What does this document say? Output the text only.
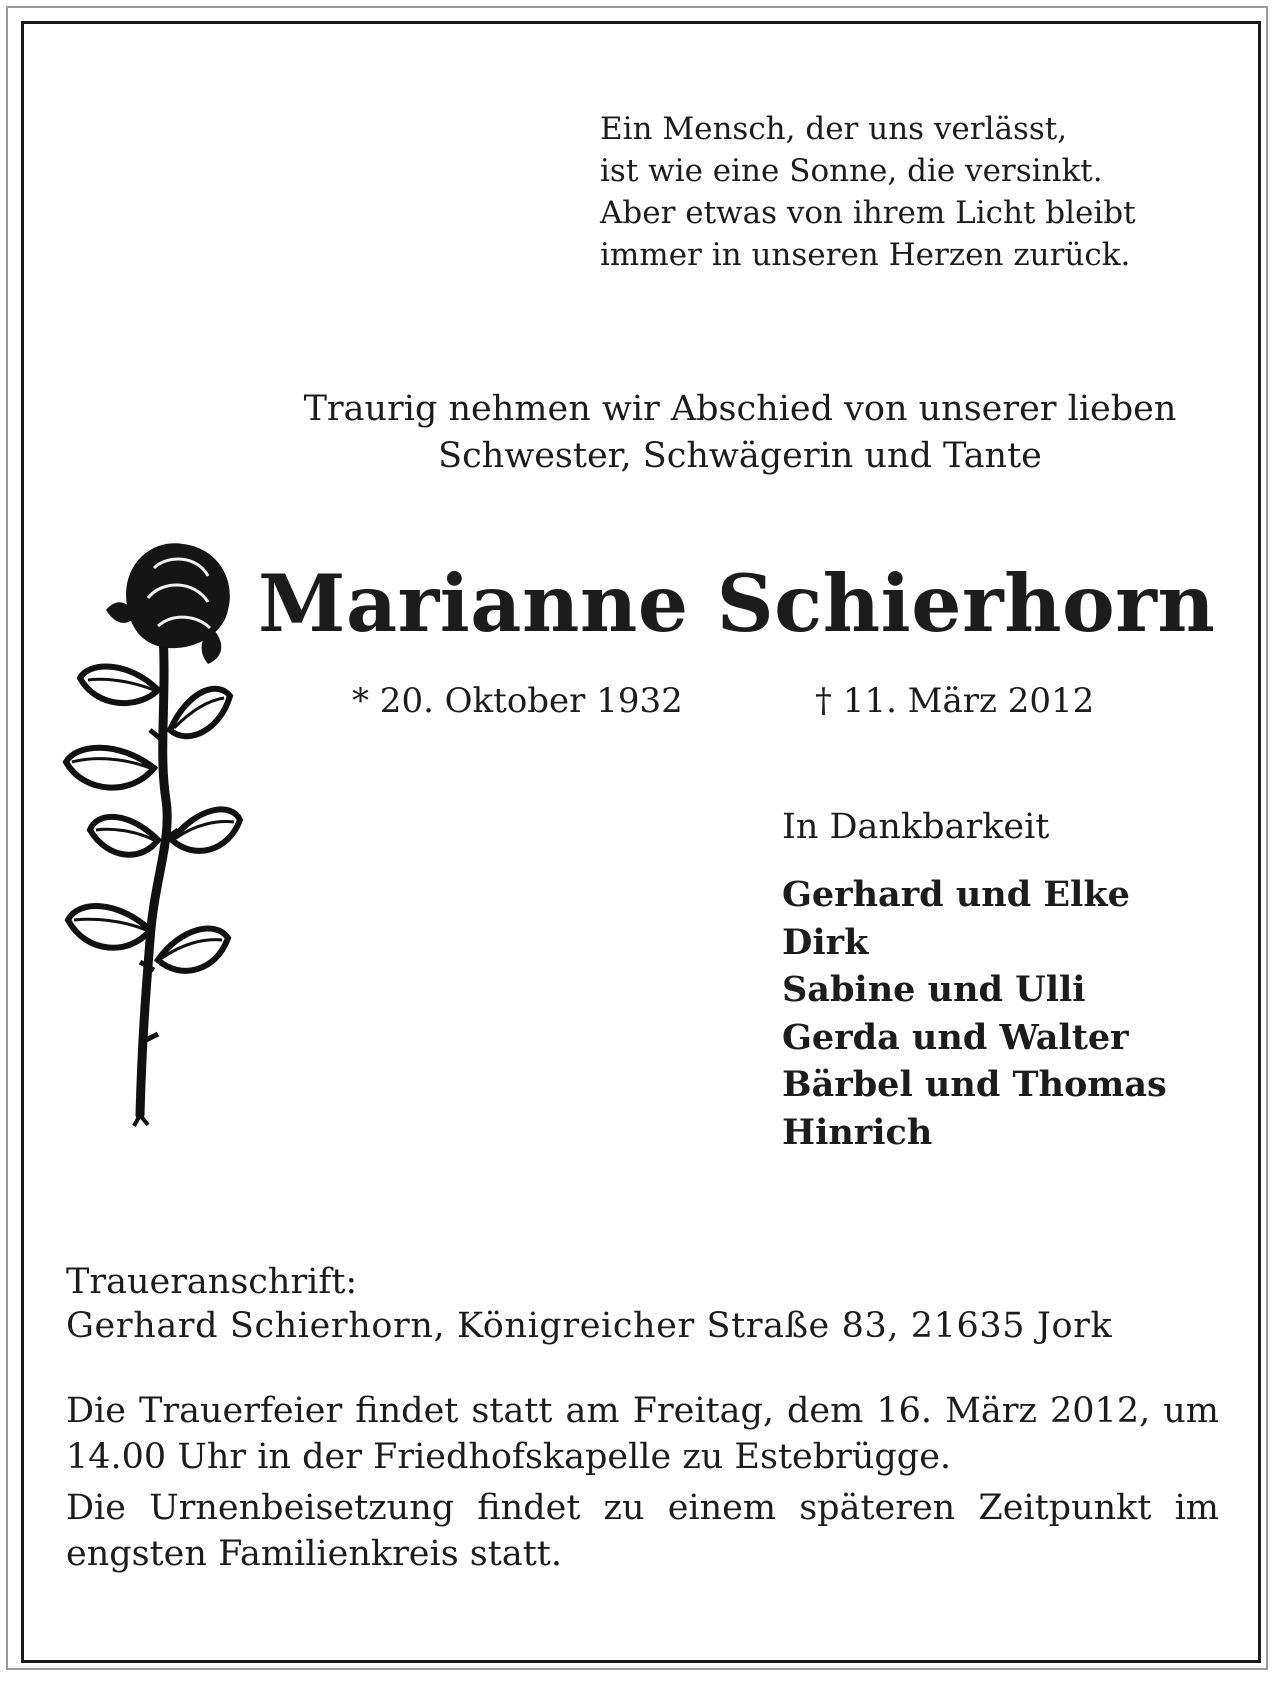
Ein Mensch, der uns verlässt,
ist wie eine Sonne, die versinkt.
Aber etwas von ihrem Licht bleibt
immer in unseren Herzen zurück.
Traurig nehmen wir Abschied von unserer lieben
Schwester, Schwägerin und Tante
Marianne Schierhorn
* 20. Oktober 1932	† 11. März 2012
In Dankbarkeit
Gerhard und Elke
Dirk
Sabine und Ulli
Gerda und Walter
Bärbel und Thomas
Hinrich
Traueranschrift:
Gerhard Schierhorn, Königreicher Straße 83, 21635 Jork
Die Trauerfeier findet statt am Freitag, dem 16. März 2012, um 14.00 Uhr in der Friedhofskapelle zu Estebrügge.
Die Urnenbeisetzung findet zu einem späteren Zeitpunkt im engsten Familienkreis statt.
